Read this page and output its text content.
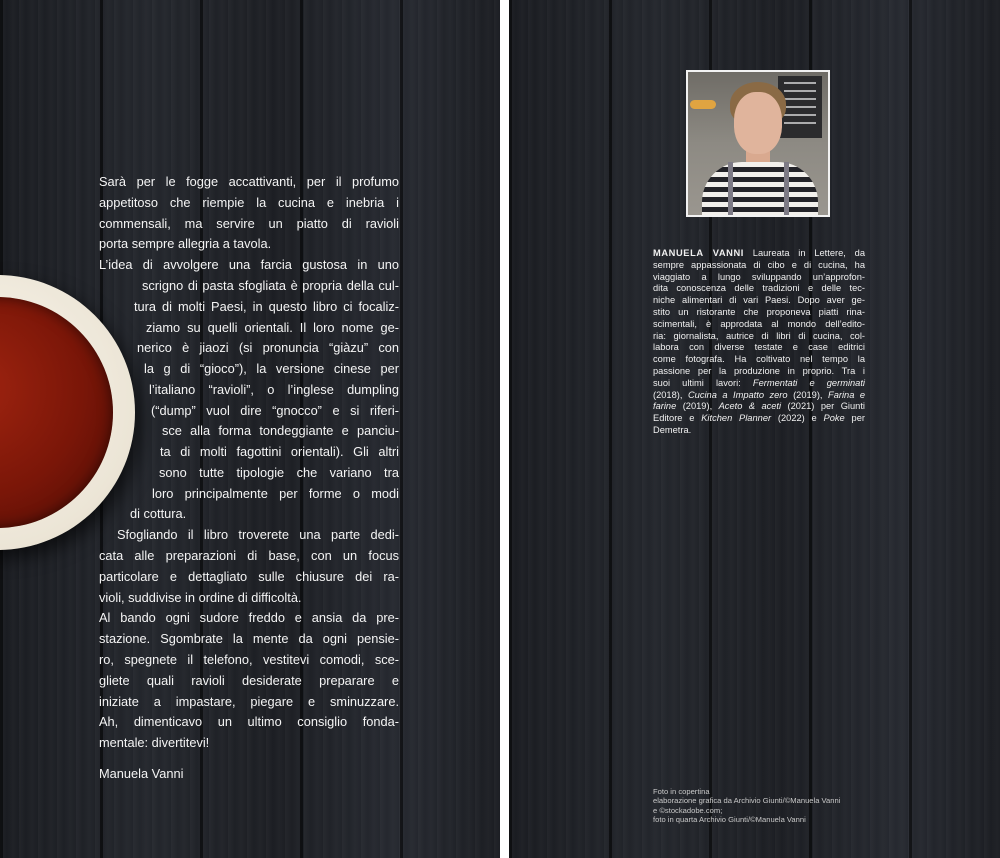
Sarà per le fogge accattivanti, per il profumo
appetitoso che riempie la cucina e inebria i
commensali, ma servire un piatto di ravioli
porta sempre allegria a tavola.
L’idea di avvolgere una farcia gustosa in uno
scrigno di pasta sfogliata è propria della cul-
tura di molti Paesi, in questo libro ci focaliz-
ziamo su quelli orientali. Il loro nome ge-
nerico è jiaozi (si pronuncia “giàzu” con
la g di “gioco”), la versione cinese per
l’italiano “ravioli”, o l’inglese dumpling
(“dump” vuol dire “gnocco” e si riferi-
sce alla forma tondeggiante e panciu-
ta di molti fagottini orientali). Gli altri
sono tutte tipologie che variano tra
loro principalmente per forme o modi
di cottura.
Sfogliando il libro troverete una parte dedi-
cata alle preparazioni di base, con un focus
particolare e dettagliato sulle chiusure dei ra-
violi, suddivise in ordine di difficoltà.
Al bando ogni sudore freddo e ansia da pre-
stazione. Sgombrate la mente da ogni pensie-
ro, spegnete il telefono, vestitevi comodi, sce-
gliete quali ravioli desiderate preparare e
iniziate a impastare, piegare e sminuzzare.
Ah, dimenticavo un ultimo consiglio fonda-
mentale: divertitevi!

Manuela Vanni

MANUELA VANNI Laureata in Lettere, da
sempre appassionata di cibo e di cucina, ha
viaggiato a lungo sviluppando un’approfon-
dita conoscenza delle tradizioni e delle tec-
niche alimentari di vari Paesi. Dopo aver ge-
stito un ristorante che proponeva piatti rina-
scimentali, è approdata al mondo dell’edito-
ria: giornalista, autrice di libri di cucina, col-
labora con diverse testate e case editrici
come fotografa. Ha coltivato nel tempo la
passione per la produzione in proprio. Tra i
suoi ultimi lavori: Fermentati e germinati
(2018), Cucina a Impatto zero (2019), Farina e
farine (2019), Aceto & aceti (2021) per Giunti
Editore e Kitchen Planner (2022) e Poke per
Demetra.
Foto in copertina
elaborazione grafica da Archivio Giunti/©Manuela Vanni
e ©stockadobe.com;
foto in quarta Archivio Giunti/©Manuela Vanni
